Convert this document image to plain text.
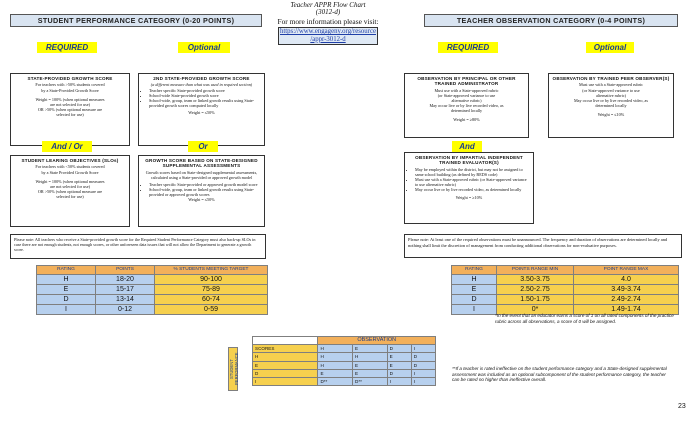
Teacher APPR Flow Chart
(3012-d)
For more information please visit:
https://www.engageny.org/resource
/appr-3012-d
STUDENT PERFORMANCE CATEGORY (0-20 POINTS)
REQUIRED	Optional
STATE-PROVIDED GROWTH SCORE
For teachers with >50% students covered
by a State-Provided Growth Score
Weight = 100% (when optional measures
are not selected for use)
OR >50% (when optional measure are
selected for use)
2ND STATE-PROVIDED GROWTH SCORE
(a different measure than what was used in required section)
• Teacher specific State-provided growth score
• School-wide State-provided growth score
• School-wide, group, team or linked growth results using State-provided growth scores computed locally
Weight = ≤50%
And / Or	Or
STUDENT LEARING OBJECTIVES (SLOs)
For teachers with <50% students covered
by a State Provided Growth Score
Weight = 100% (when optional measures
are not selected for use)
OR >50% (when optional measure are
selected for use)
GROWTH SCORE BASED ON STATE-DESIGNED SUPPLEMENTAL ASSESSMENTS
Growth scores based on State-designed supplemental assessments, calculated using a State-provided or approved growth model
• Teacher specific State-provided or approved growth model score
• School-wide, group, team or linked growth results using State-provided or approved growth scores
Weight = ≤50%
Please note: All teachers who receive a State-provided growth score for the Required Student Performance Category must also back-up SLOs in case there are not enough students, not enough scores, or other unforeseen data issues that will not allow the Department to generate a growth score.
RATING	POINTS	% STUDENTS MEETING TARGET
H	18-20	90-100
E	15-17	75-89
D	13-14	60-74
I	0-12	0-59
TEACHER OBSERVATION CATEGORY (0-4 POINTS)
REQUIRED	Optional
OBSERVATION BY PRINCIPAL OR OTHER TRAINED ADMINISTRATOR
Must use with a State-approved rubric
(or State-approved variance to use
alternative rubric)
May occur live or by live recorded video, as
determined locally
Weight = ≥80%
OBSERVATION BY TRAINED PEER OBSERVER(S)
Must use with a State-approved rubric
(or State-approved variance to use
alternative rubric)
May occur live or by live recorded video, as
determined locally
Weight = ≤10%
And
OBSERVATION BY IMPARTIAL INDEPENDENT TRAINED EVALUATOR(S)
• May be employed within the district, but may not be assigned to same school building (as defined by BEDS code)
• Must use with a State-approved rubric (or State-approved variance to use alternative rubric)
• May occur live or by live recorded video, as determined locally
Weight = ≥10%
Please note: At least one of the required observations must be unannounced. The frequency and duration of observations are determined locally and nothing shall limit the discretion of management from conducting additional observations for non-evaluative purposes.
RATING	POINTS RANGE MIN	POINT RANGE MAX
H	3.50-3.75	4.0
E	2.50-2.75	3.49-3.74
D	1.50-1.75	2.49-2.74
I	0*	1.49-1.74
*In the event that an educator earns a score of 1 on all rated components of the practice rubric across all observations, a score of 0 will be assigned.
**If a teacher is rated ineffective on the student performance category and a State-designed supplemental assessment was included as an optional subcomponent of the student performance category, the teacher can be rated no higher than ineffective overall.
STUDENT PERFORMANCE
	OBSERVATION			
SCORES	H	E	D	I
H	H	H	E	D
E	H	E	E	D
D	E	E	D	I
I	D**	D**	I	I
23
